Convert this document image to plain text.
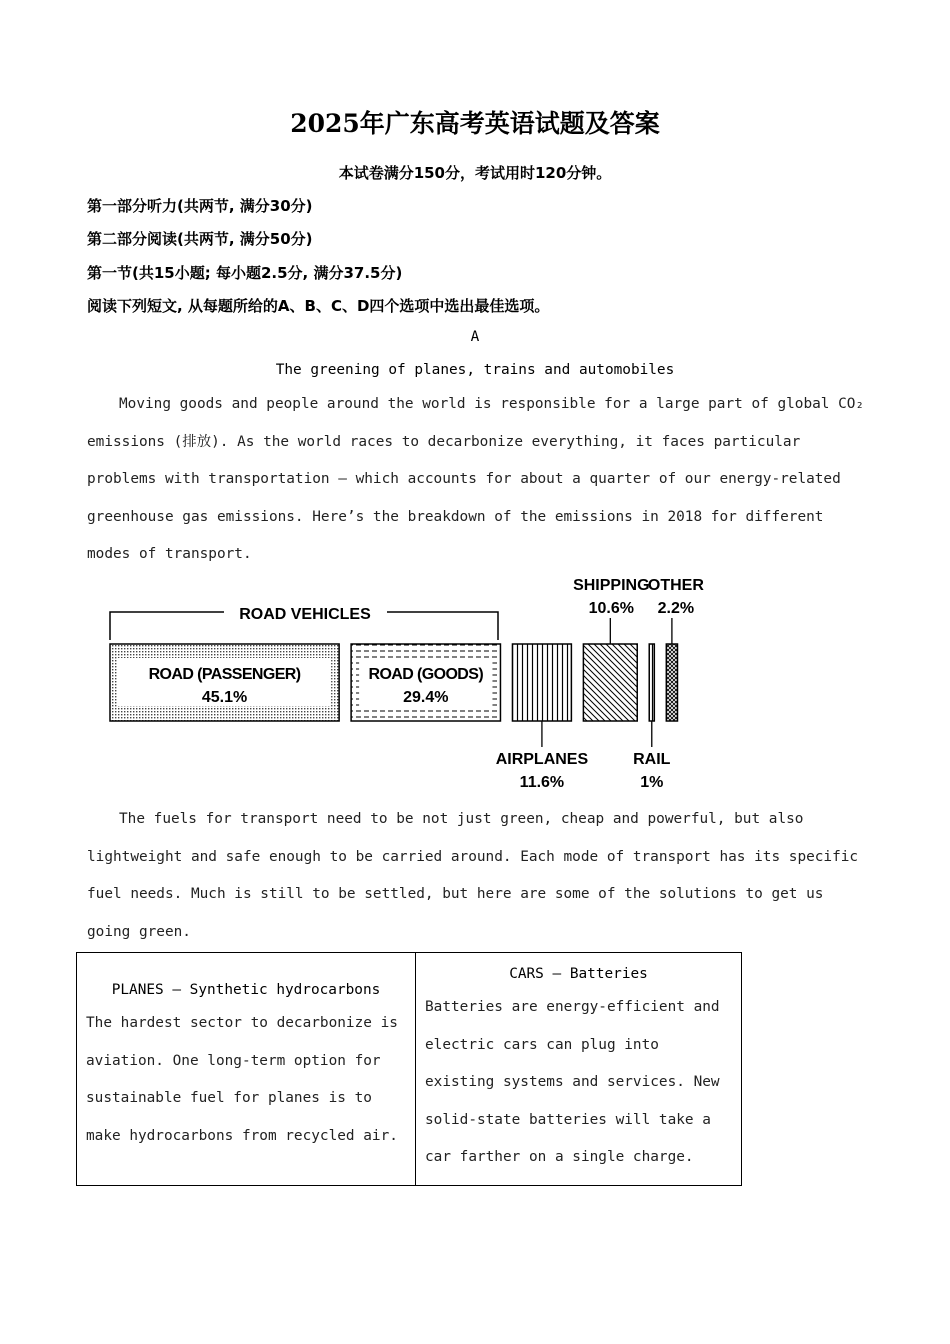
2025年广东高考英语试题及答案
本试卷满分150分，考试用时120分钟。
第一部分听力(共两节, 满分30分)
第二部分阅读(共两节, 满分50分)
第一节(共15小题; 每小题2.5分, 满分37.5分)
阅读下列短文, 从每题所给的A、B、C、D四个选项中选出最佳选项。
A
The greening of planes, trains and automobiles

Moving goods and people around the world is responsible for a large part of global CO₂ emissions (排放). As the world races to decarbonize everything, it faces particular problems with transportation — which accounts for about a quarter of our energy-related greenhouse gas emissions. Here’s the breakdown of the emissions in 2018 for different modes of transport.

ROAD VEHICLES
ROAD (PASSENGER)
45.1%
ROAD (GOODS)
29.4%
AIRPLANES
11.6%
SHIPPING
10.6%
RAIL
1%
OTHER
2.2%

The fuels for transport need to be not just green, cheap and powerful, but also lightweight and safe enough to be carried around. Each mode of transport has its specific fuel needs. Much is still to be settled, but here are some of the solutions to get us going green.

PLANES — Synthetic hydrocarbons
The hardest sector to decarbonize is aviation. One long-term option for sustainable fuel for planes is to make hydrocarbons from recycled air.

CARS — Batteries
Batteries are energy-efficient and electric cars can plug into existing systems and services. New solid-state batteries will take a car farther on a single charge.
